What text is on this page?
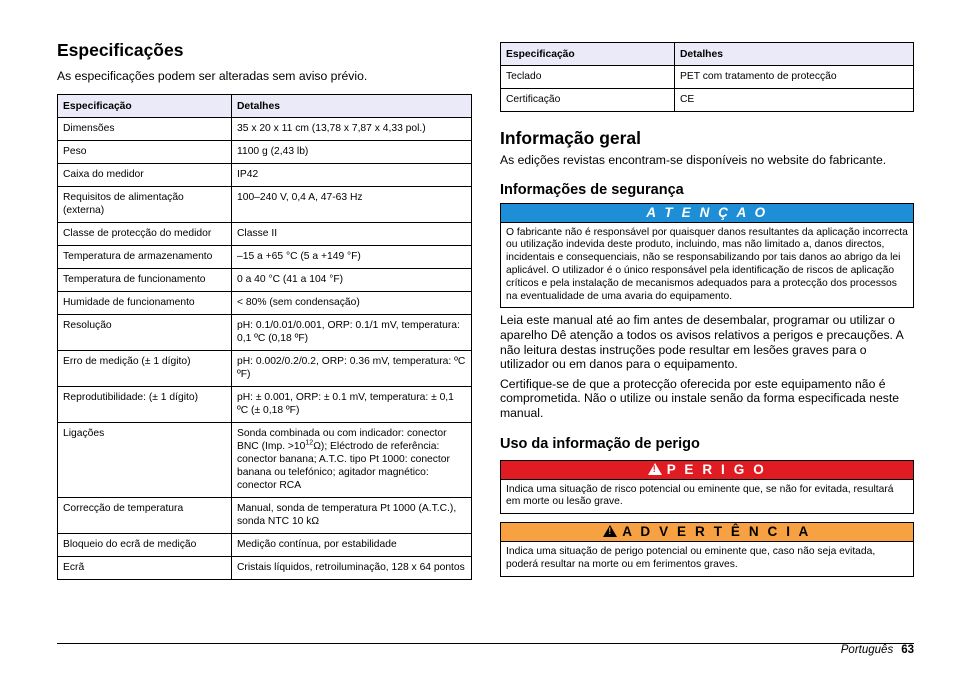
Especificações

As especificações podem ser alteradas sem aviso prévio.

Especificação	Detalhes
Dimensões	35 x 20 x 11 cm (13,78 x 7,87 x 4,33 pol.)
Peso	1100 g (2,43 lb)
Caixa do medidor	IP42
Requisitos de alimentação (externa)	100–240 V, 0,4 A, 47-63 Hz
Classe de protecção do medidor	Classe II
Temperatura de armazenamento	–15 a +65 °C (5 a +149 °F)
Temperatura de funcionamento	0 a 40 °C (41 a 104 °F)
Humidade de funcionamento	< 80% (sem condensação)
Resolução	pH: 0.1/0.01/0.001, ORP: 0.1/1 mV, temperatura: 0,1 ºC (0,18 ºF)
Erro de medição (± 1 dígito)	pH: 0.002/0.2/0.2, ORP: 0.36 mV, temperatura: ºC ºF)
Reprodutibilidade: (± 1 dígito)	pH: ± 0.001, ORP: ± 0.1 mV, temperatura: ± 0,1 ºC (± 0,18 ºF)
Ligações	Sonda combinada ou com indicador: conector BNC (Imp. $>10^{12}\Omega$); Eléctrodo de referência: conector banana; A.T.C. tipo Pt 1000: conector banana ou telefónico; agitador magnético: conector RCA
Correcção de temperatura	Manual, sonda de temperatura Pt 1000 (A.T.C.), sonda NTC 10 kΩ
Bloqueio do ecrã de medição	Medição contínua, por estabilidade
Ecrã	Cristais líquidos, retroiluminação, 128 x 64 pontos
Especificação	Detalhes
Teclado	PET com tratamento de protecção
Certificação	CE
Informação geral

As edições revistas encontram-se disponíveis no website do fabricante.

Informações de segurança
A T E N Ç A O
O fabricante não é responsável por quaisquer danos resultantes da aplicação incorrecta ou utilização indevida deste produto, incluindo, mas não limitado a, danos directos, incidentais e consequenciais, não se responsabilizando por tais danos ao abrigo da lei aplicável. O utilizador é o único responsável pela identificação de riscos de aplicação críticos e pela instalação de mecanismos adequados para a protecção dos processos na eventualidade de uma avaria do equipamento.

Leia este manual até ao fim antes de desembalar, programar ou utilizar o aparelho Dê atenção a todos os avisos relativos a perigos e precauções. A não leitura destas instruções pode resultar em lesões graves para o utilizador ou em danos para o equipamento.

Certifique-se de que a protecção oferecida por este equipamento não é comprometida. Não o utilize ou instale senão da forma especificada neste manual.

Uso da informação de perigo
!P E R I G O
Indica uma situação de risco potencial ou eminente que, se não for evitada, resultará em morte ou lesão grave.
!A D V E R T Ê N C I A
Indica uma situação de perigo potencial ou eminente que, caso não seja evitada, poderá resultar na morte ou em ferimentos graves.
Português 63
